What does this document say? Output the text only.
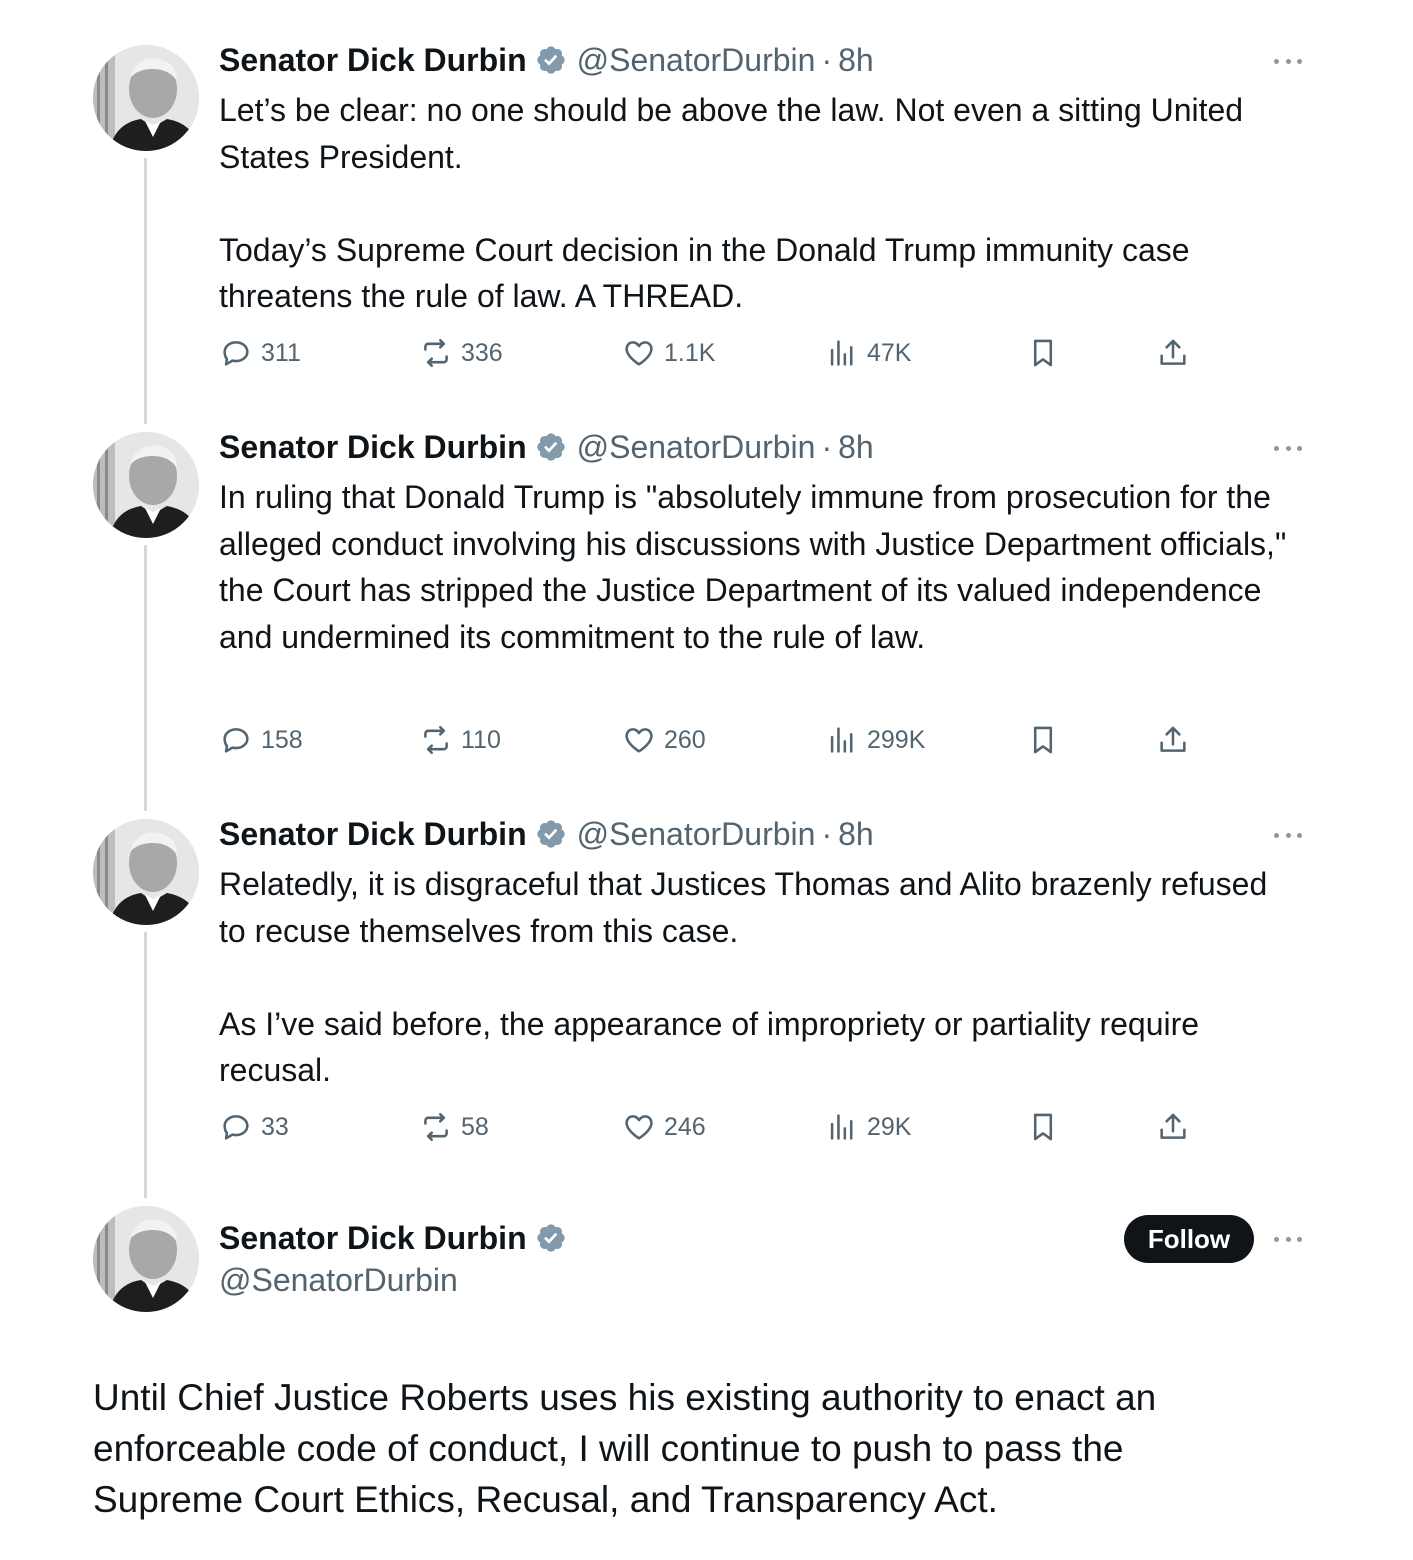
Senator Dick Durbin @SenatorDurbin · 8h
Let’s be clear: no one should be above the law. Not even a sitting United States President.

Today’s Supreme Court decision in the Donald Trump immunity case threatens the rule of law. A THREAD.
311	336	1.1K	47K
Senator Dick Durbin @SenatorDurbin · 8h
In ruling that Donald Trump is "absolutely immune from prosecution for the alleged conduct involving his discussions with Justice Department officials," the Court has stripped the Justice Department of its valued independence and undermined its commitment to the rule of law.
158	110	260	299K
Senator Dick Durbin @SenatorDurbin · 8h
Relatedly, it is disgraceful that Justices Thomas and Alito brazenly refused to recuse themselves from this case.

As I’ve said before, the appearance of impropriety or partiality require recusal.
33	58	246	29K
Senator Dick Durbin
@SenatorDurbin
Follow
Until Chief Justice Roberts uses his existing authority to enact an enforceable code of conduct, I will continue to push to pass the Supreme Court Ethics, Recusal, and Transparency Act.
